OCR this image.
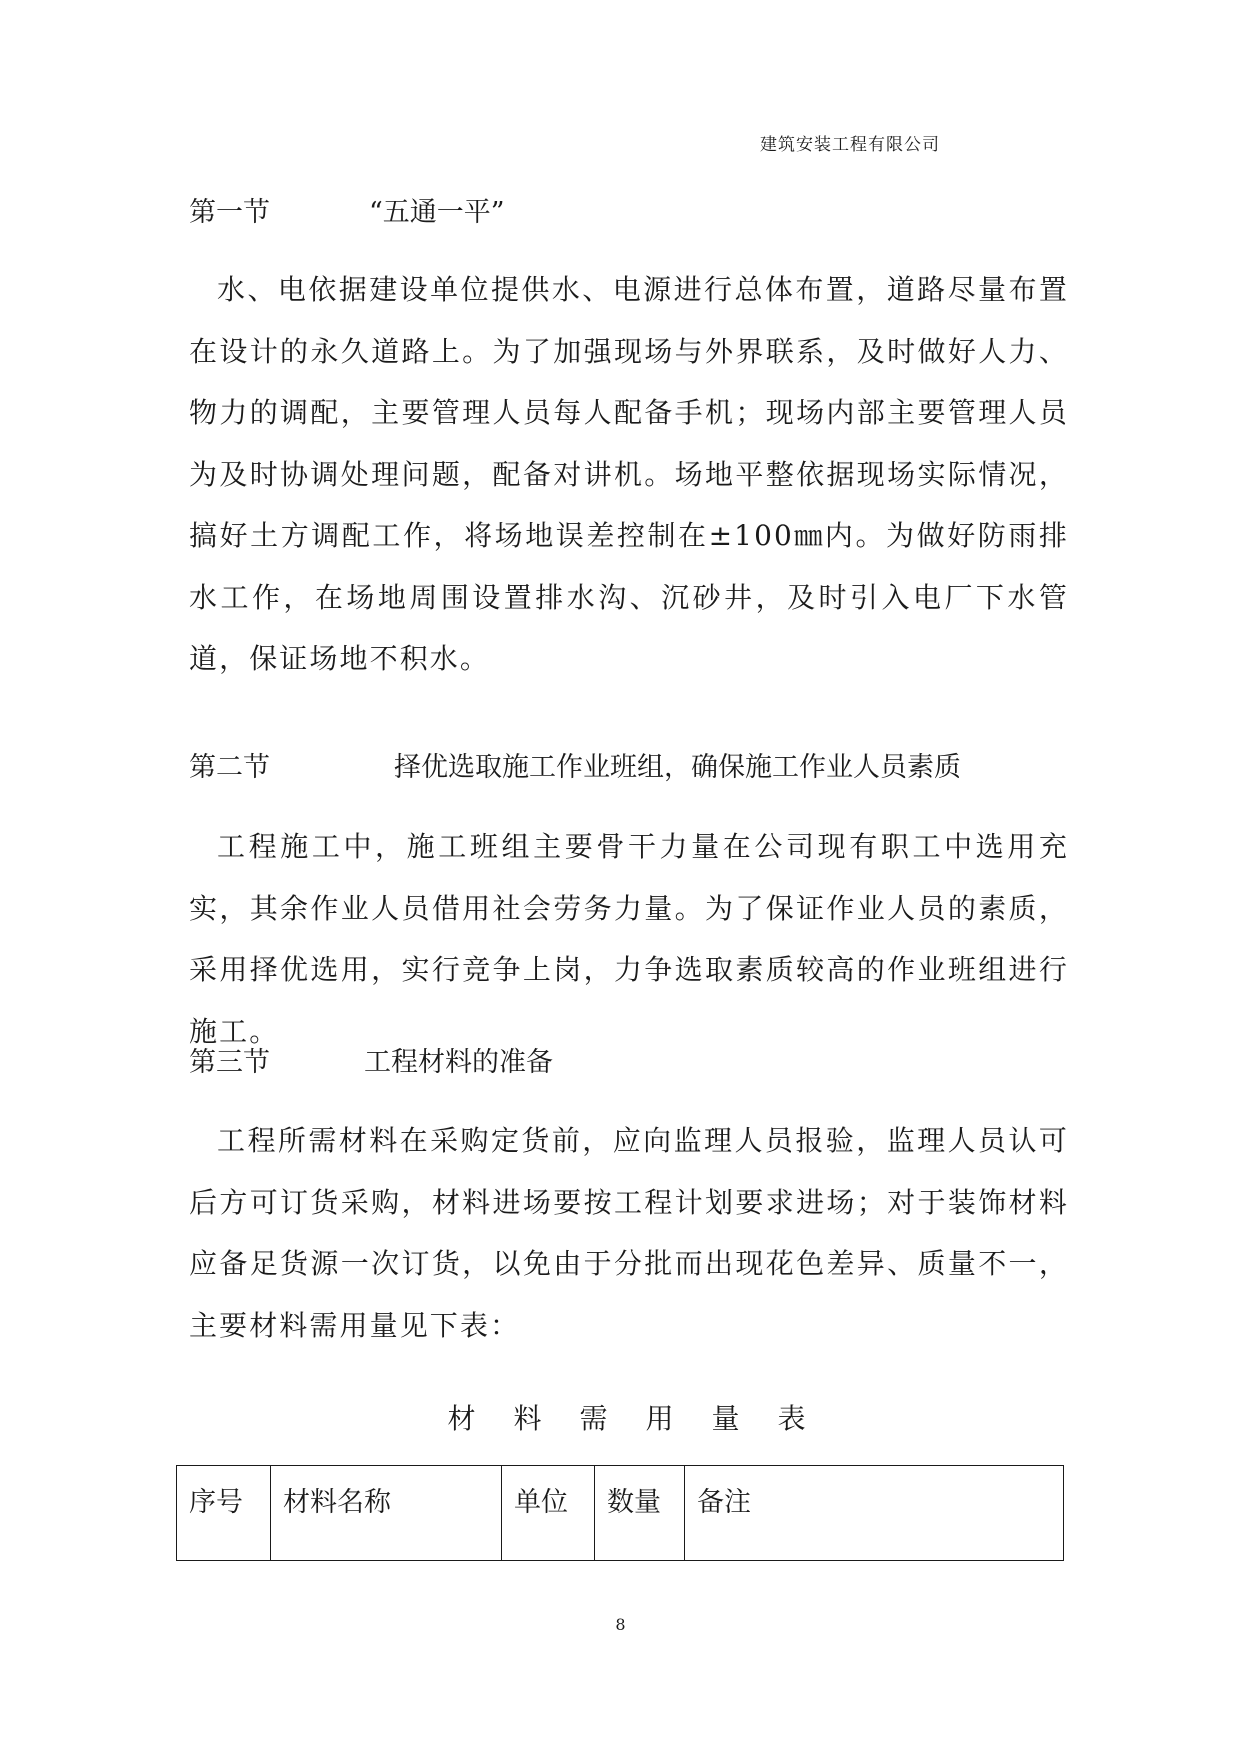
建筑安装工程有限公司
第一节	“五通一平”

水、电依据建设单位提供水、电源进行总体布置，道路尽量布置在设计的永久道路上。为了加强现场与外界联系，及时做好人力、物力的调配，主要管理人员每人配备手机；现场内部主要管理人员为及时协调处理问题，配备对讲机。场地平整依据现场实际情况，搞好土方调配工作，将场地误差控制在±100㎜内。为做好防雨排水工作，在场地周围设置排水沟、沉砂井，及时引入电厂下水管道，保证场地不积水。

第二节	择优选取施工作业班组，确保施工作业人员素质

工程施工中，施工班组主要骨干力量在公司现有职工中选用充实，其余作业人员借用社会劳务力量。为了保证作业人员的素质，采用择优选用，实行竞争上岗，力争选取素质较高的作业班组进行施工。

第三节	工程材料的准备

工程所需材料在采购定货前，应向监理人员报验，监理人员认可后方可订货采购，材料进场要按工程计划要求进场；对于装饰材料应备足货源一次订货，以免由于分批而出现花色差异、质量不一，主要材料需用量见下表：

材料需用量表
序号	材料名称	单位	数量	备注
8
